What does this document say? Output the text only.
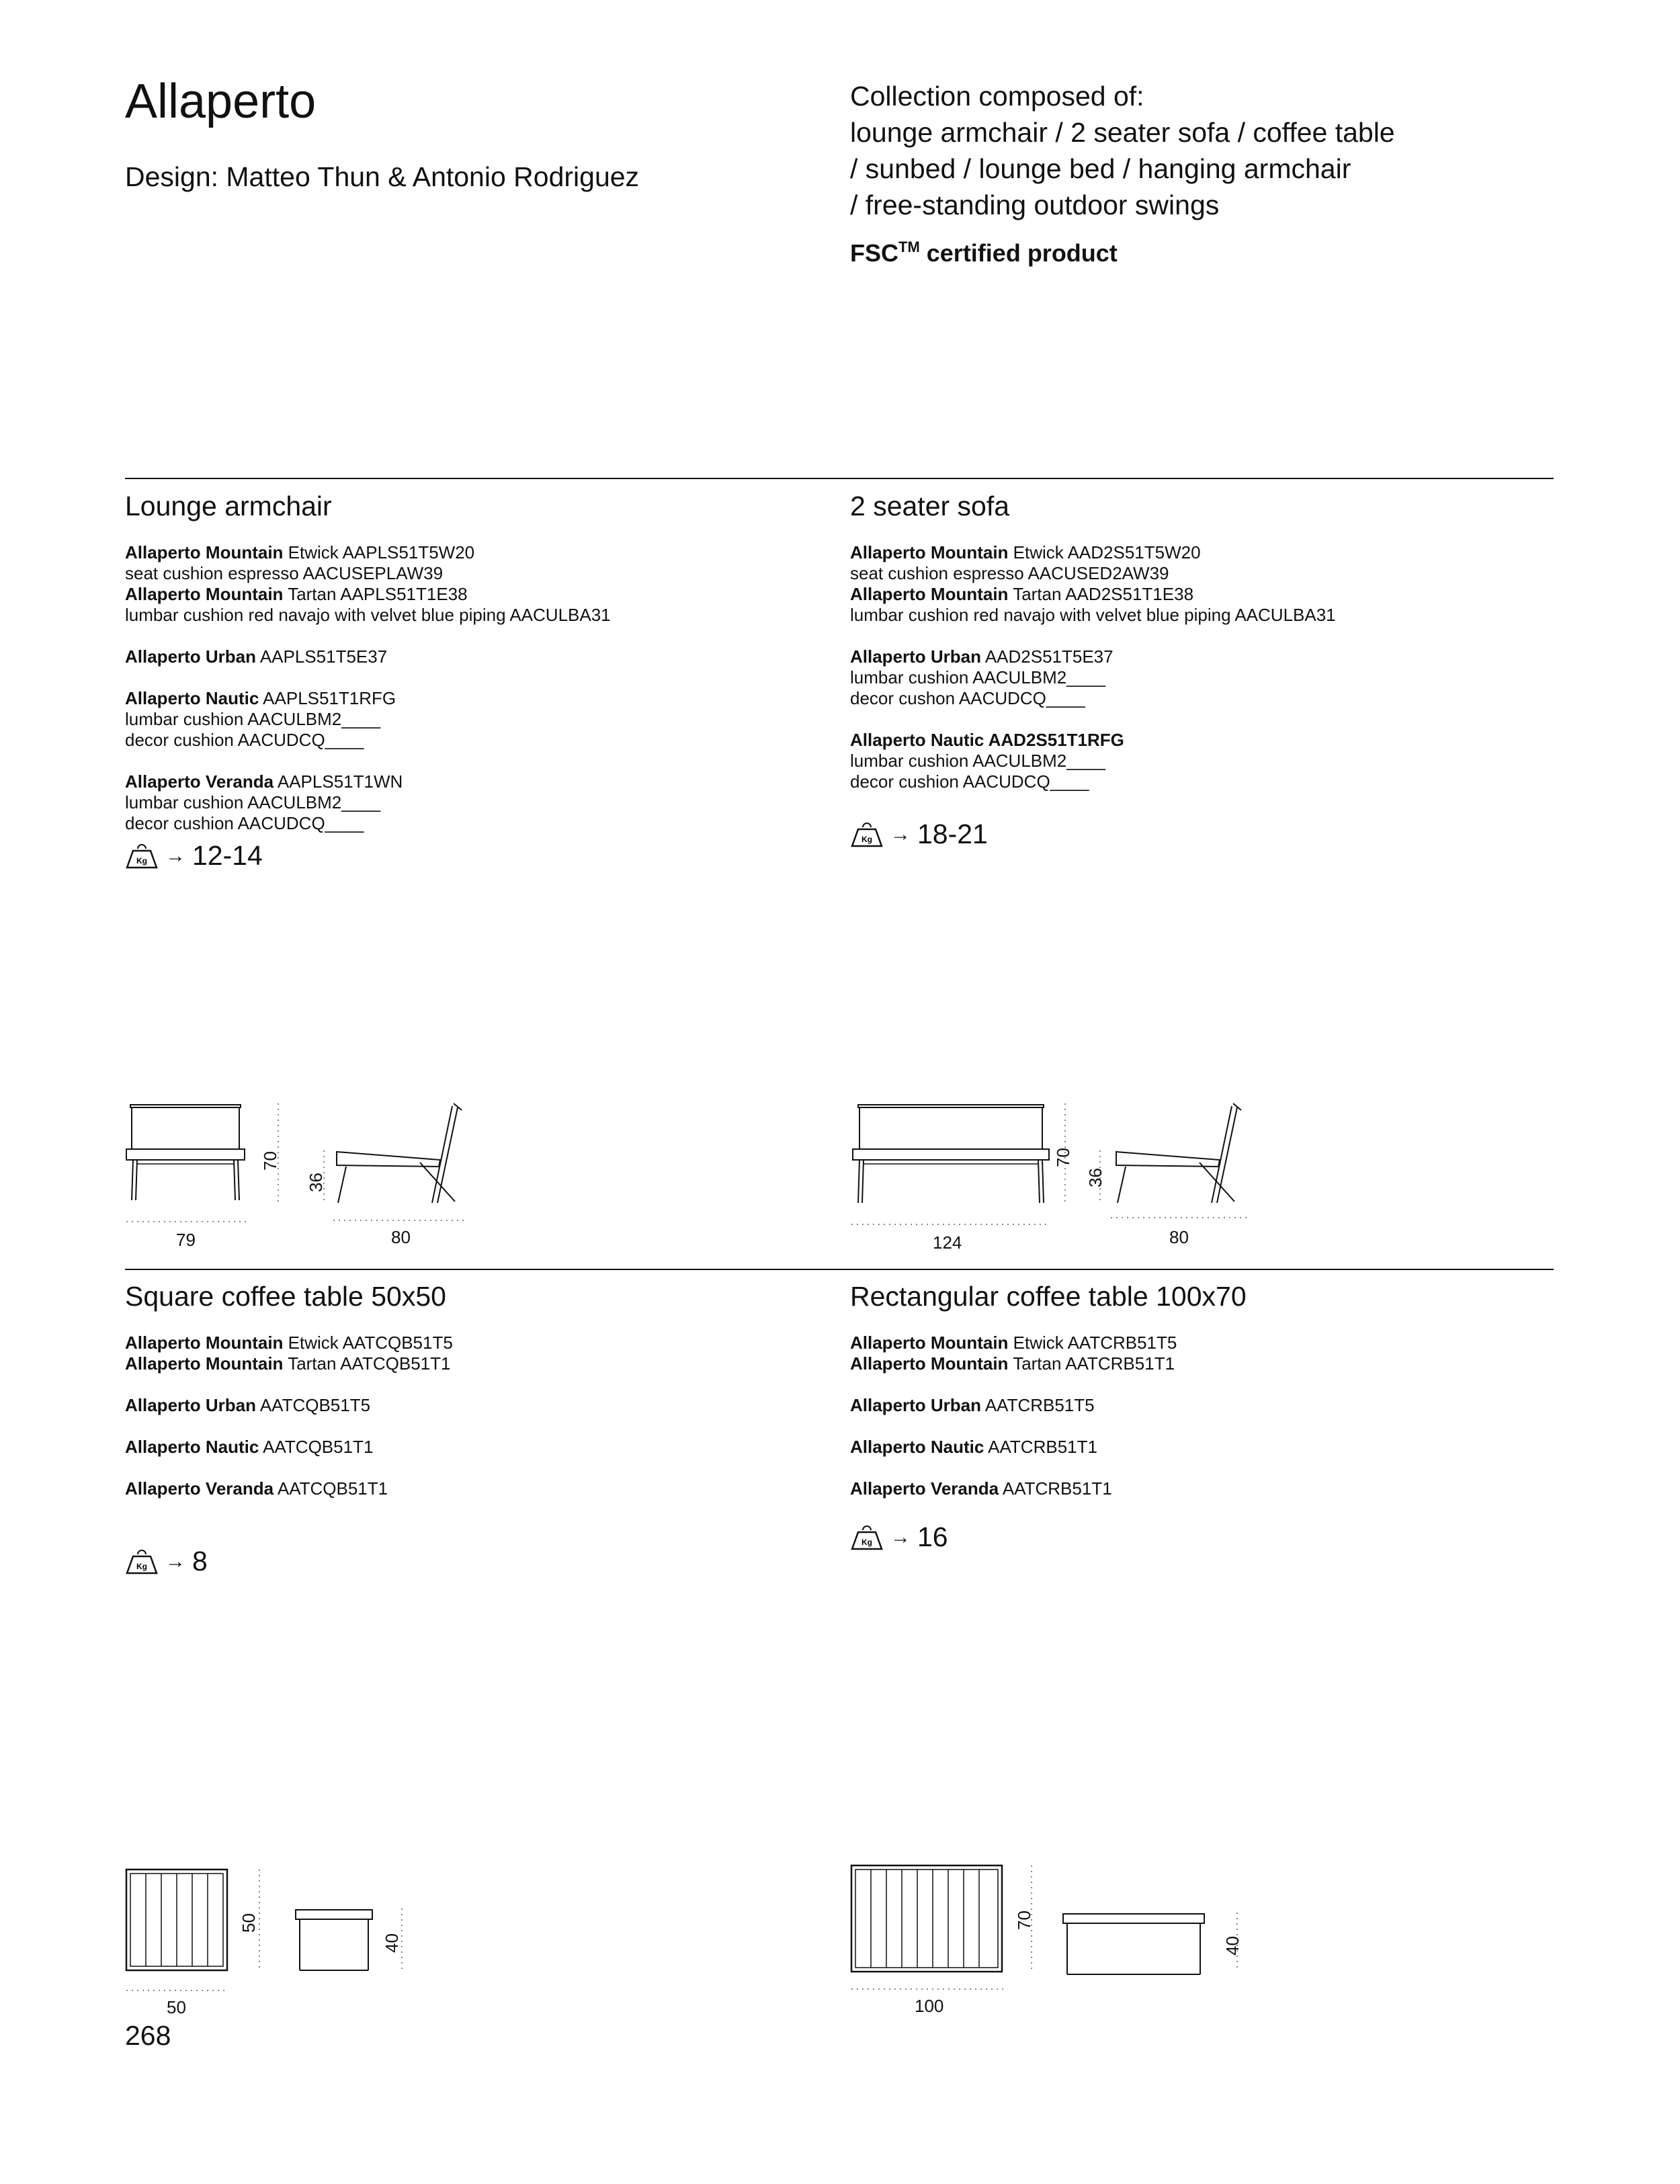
Allaperto
Design: Matteo Thun & Antonio Rodriguez
Collection composed of:
lounge armchair / 2 seater sofa / coffee table
/ sunbed / lounge bed / hanging armchair
/ free-standing outdoor swings
FSC™ certified product
Lounge armchair
Allaperto Mountain Etwick AAPLS51T5W20
seat cushion espresso AACUSEPLAW39
Allaperto Mountain Tartan AAPLS51T1E38
lumbar cushion red navajo with velvet blue piping AACULBA31
Allaperto Urban AAPLS51T5E37
Allaperto Nautic AAPLS51T1RFG
lumbar cushion AACULBM2____
decor cushion AACUDCQ____
Allaperto Veranda AAPLS51T1WN
lumbar cushion AACULBM2____
decor cushion AACUDCQ____
Kg → 12-14
79
70
36
80
2 seater sofa
Allaperto Mountain Etwick AAD2S51T5W20
seat cushion espresso AACUSED2AW39
Allaperto Mountain Tartan AAD2S51T1E38
lumbar cushion red navajo with velvet blue piping AACULBA31
Allaperto Urban AAD2S51T5E37
lumbar cushion AACULBM2____
decor cushon AACUDCQ____
Allaperto Nautic AAD2S51T1RFG
lumbar cushion AACULBM2____
decor cushion AACUDCQ____
Kg → 18-21
124
70
36
80
Square coffee table 50x50
Allaperto Mountain Etwick AATCQB51T5
Allaperto Mountain Tartan AATCQB51T1
Allaperto Urban AATCQB51T5
Allaperto Nautic AATCQB51T1
Allaperto Veranda AATCQB51T1
Kg → 8
50
50
40
Rectangular coffee table 100x70
Allaperto Mountain Etwick AATCRB51T5
Allaperto Mountain Tartan AATCRB51T1
Allaperto Urban AATCRB51T5
Allaperto Nautic AATCRB51T1
Allaperto Veranda AATCRB51T1
Kg → 16
100
70
40
268
